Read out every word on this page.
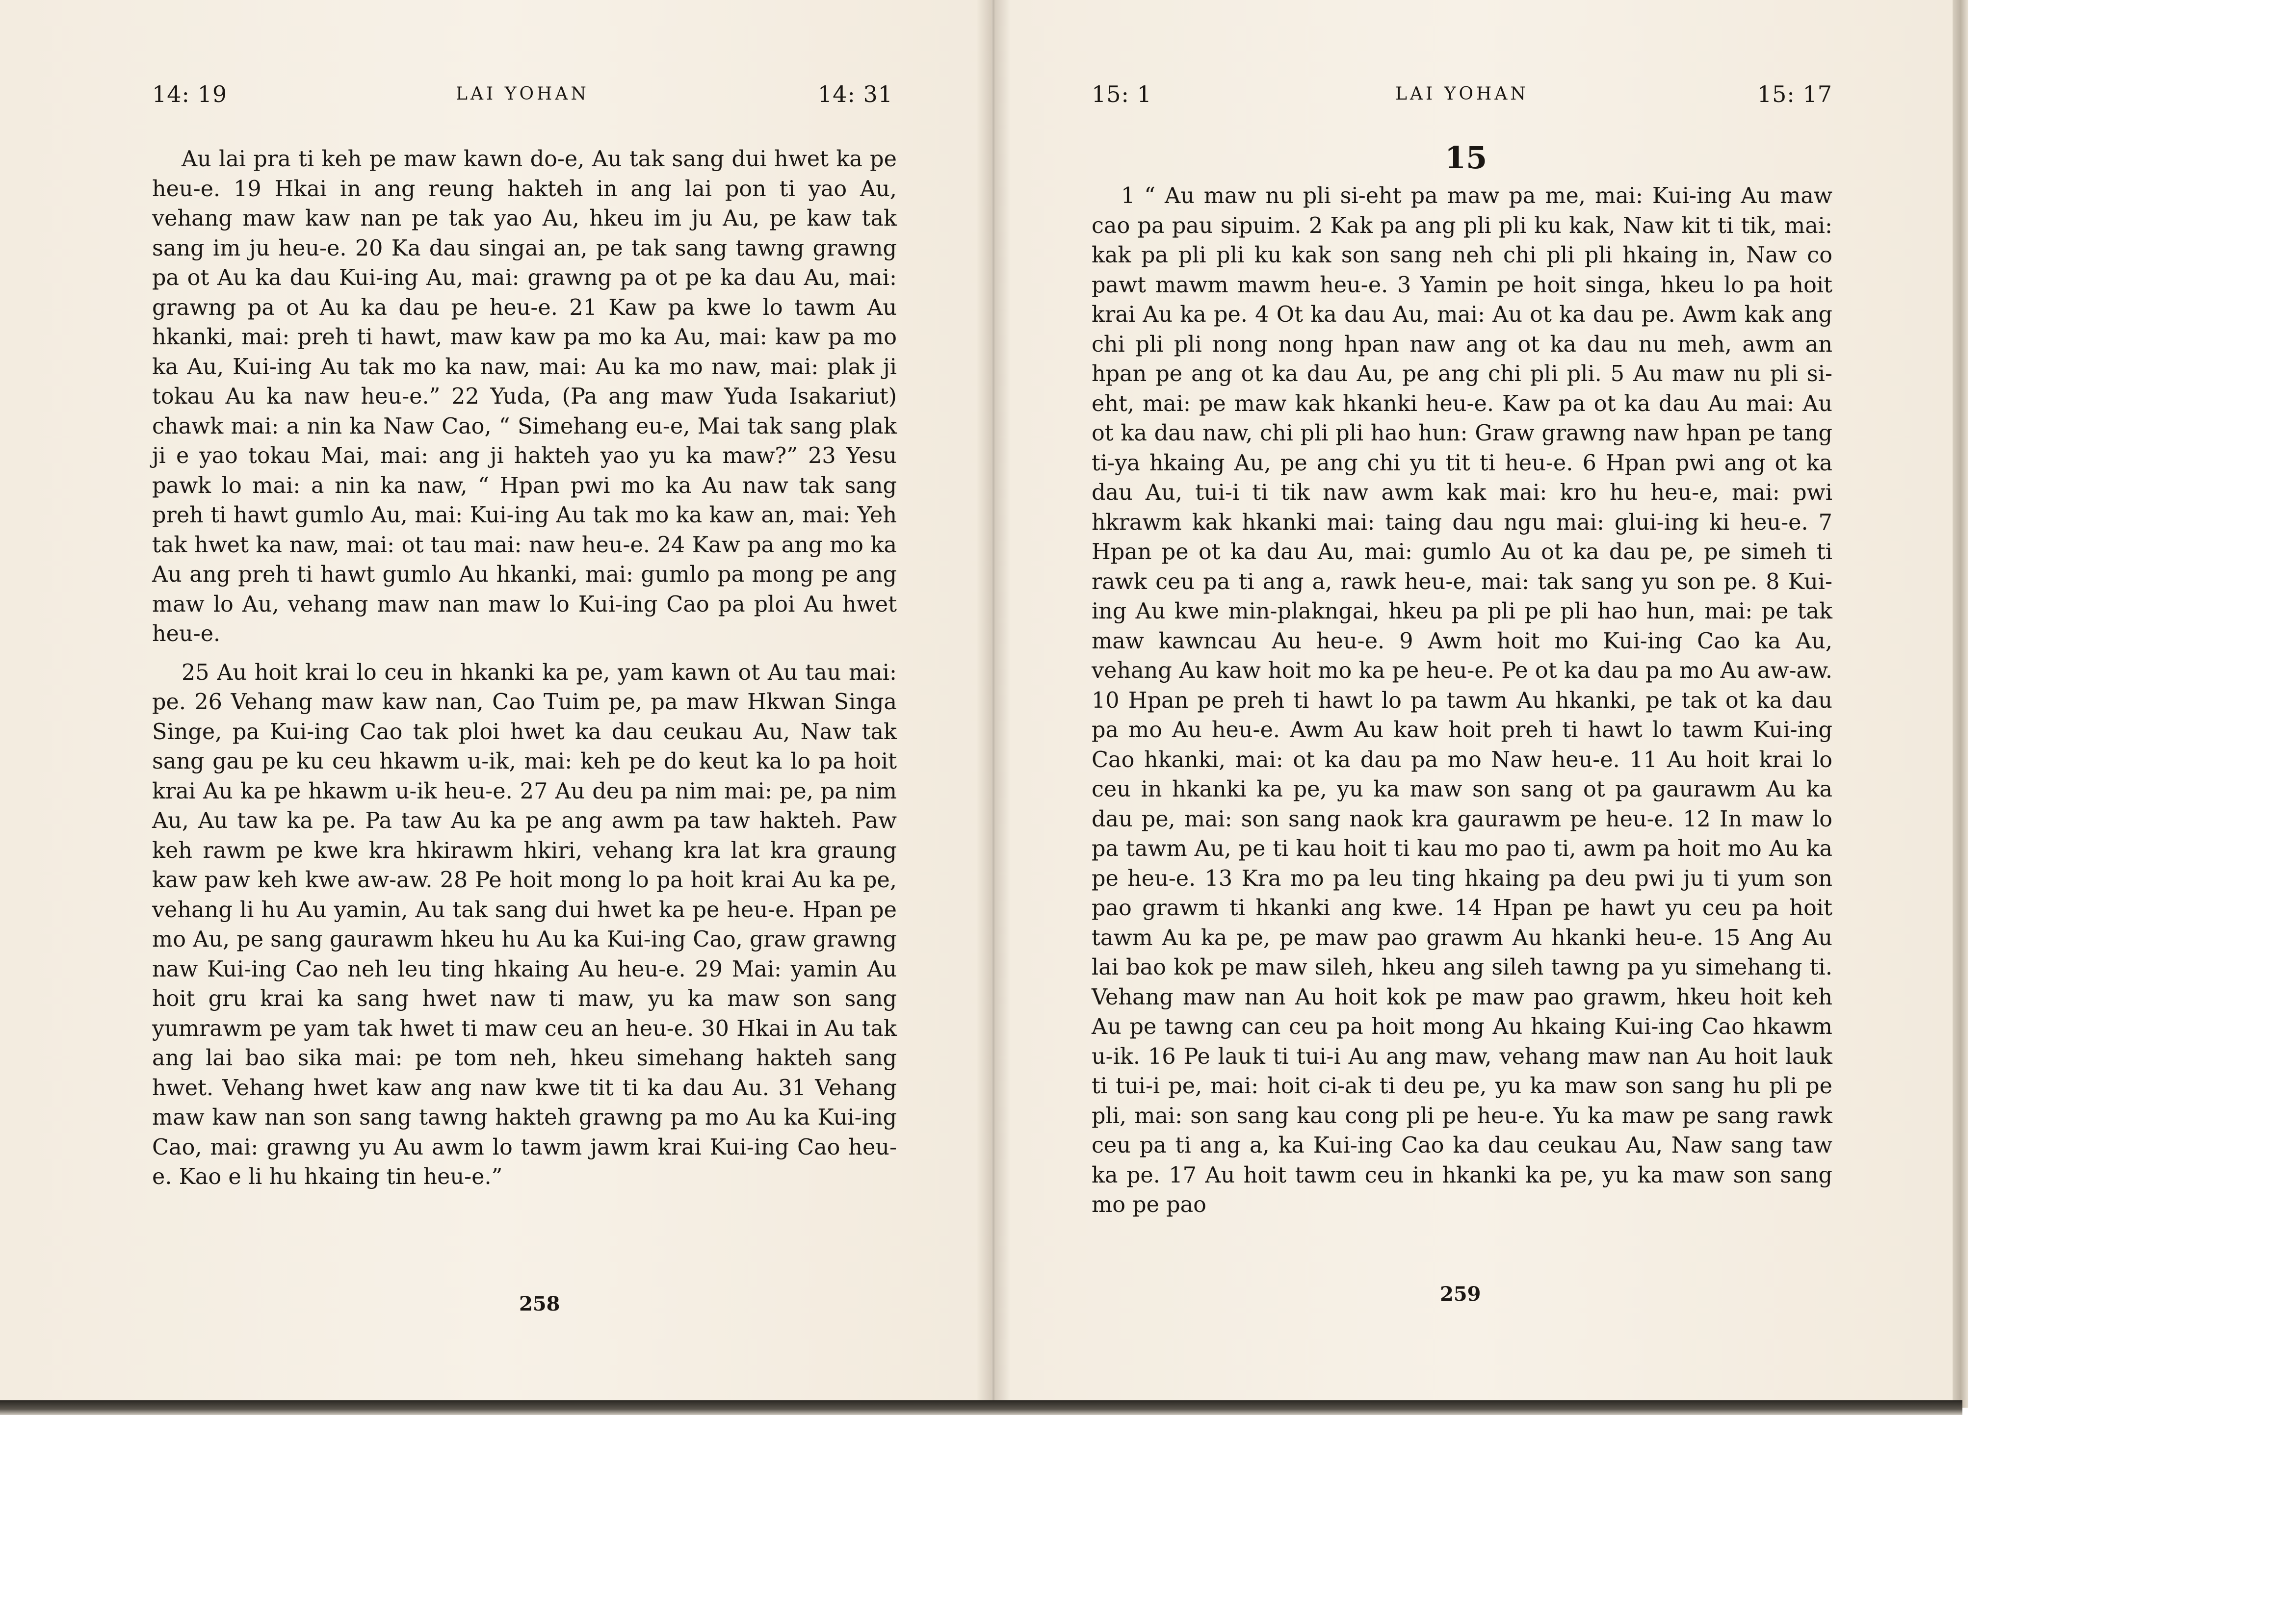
14: 19	LAI YOHAN	14: 31

Au lai pra ti keh pe maw kawn do-e, Au tak sang dui hwet ka pe heu-e. 19 Hkai in ang reung hakteh in ang lai pon ti yao Au, vehang maw kaw nan pe tak yao Au, hkeu im ju Au, pe kaw tak sang im ju heu-e. 20 Ka dau singai an, pe tak sang tawng grawng pa ot Au ka dau Kui-ing Au, mai: grawng pa ot pe ka dau Au, mai: grawng pa ot Au ka dau pe heu-e. 21 Kaw pa kwe lo tawm Au hkanki, mai: preh ti hawt, maw kaw pa mo ka Au, mai: kaw pa mo ka Au, Kui-ing Au tak mo ka naw, mai: Au ka mo naw, mai: plak ji tokau Au ka naw heu-e.” 22 Yuda, (Pa ang maw Yuda Isakariut) chawk mai: a nin ka Naw Cao, “ Simehang eu-e, Mai tak sang plak ji e yao tokau Mai, mai: ang ji hakteh yao yu ka maw?” 23 Yesu pawk lo mai: a nin ka naw, “ Hpan pwi mo ka Au naw tak sang preh ti hawt gumlo Au, mai: Kui-ing Au tak mo ka kaw an, mai: Yeh tak hwet ka naw, mai: ot tau mai: naw heu-e. 24 Kaw pa ang mo ka Au ang preh ti hawt gumlo Au hkanki, mai: gumlo pa mong pe ang maw lo Au, vehang maw nan maw lo Kui-ing Cao pa ploi Au hwet heu-e.

25 Au hoit krai lo ceu in hkanki ka pe, yam kawn ot Au tau mai: pe. 26 Vehang maw kaw nan, Cao Tuim pe, pa maw Hkwan Singa Singe, pa Kui-ing Cao tak ploi hwet ka dau ceukau Au, Naw tak sang gau pe ku ceu hkawm u-ik, mai: keh pe do keut ka lo pa hoit krai Au ka pe hkawm u-ik heu-e. 27 Au deu pa nim mai: pe, pa nim Au, Au taw ka pe. Pa taw Au ka pe ang awm pa taw hakteh. Paw keh rawm pe kwe kra hkirawm hkiri, vehang kra lat kra graung kaw paw keh kwe aw-aw. 28 Pe hoit mong lo pa hoit krai Au ka pe, vehang li hu Au yamin, Au tak sang dui hwet ka pe heu-e. Hpan pe mo Au, pe sang gaurawm hkeu hu Au ka Kui-ing Cao, graw grawng naw Kui-ing Cao neh leu ting hkaing Au heu-e. 29 Mai: yamin Au hoit gru krai ka sang hwet naw ti maw, yu ka maw son sang yumrawm pe yam tak hwet ti maw ceu an heu-e. 30 Hkai in Au tak ang lai bao sika mai: pe tom neh, hkeu simehang hakteh sang hwet. Vehang hwet kaw ang naw kwe tit ti ka dau Au. 31 Vehang maw kaw nan son sang tawng hakteh grawng pa mo Au ka Kui-ing Cao, mai: grawng yu Au awm lo tawm jawm krai Kui-ing Cao heu-e. Kao e li hu hkaing tin heu-e.”

258
15: 1	LAI YOHAN	15: 17
15

1 “ Au maw nu pli si-eht pa maw pa me, mai: Kui-ing Au maw cao pa pau sipuim. 2 Kak pa ang pli pli ku kak, Naw kit ti tik, mai: kak pa pli pli ku kak son sang neh chi pli pli hkaing in, Naw co pawt mawm mawm heu-e. 3 Yamin pe hoit singa, hkeu lo pa hoit krai Au ka pe. 4 Ot ka dau Au, mai: Au ot ka dau pe. Awm kak ang chi pli pli nong nong hpan naw ang ot ka dau nu meh, awm an hpan pe ang ot ka dau Au, pe ang chi pli pli. 5 Au maw nu pli si-eht, mai: pe maw kak hkanki heu-e. Kaw pa ot ka dau Au mai: Au ot ka dau naw, chi pli pli hao hun: Graw grawng naw hpan pe tang ti-ya hkaing Au, pe ang chi yu tit ti heu-e. 6 Hpan pwi ang ot ka dau Au, tui-i ti tik naw awm kak mai: kro hu heu-e, mai: pwi hkrawm kak hkanki mai: taing dau ngu mai: glui-ing ki heu-e. 7 Hpan pe ot ka dau Au, mai: gumlo Au ot ka dau pe, pe simeh ti rawk ceu pa ti ang a, rawk heu-e, mai: tak sang yu son pe. 8 Kui-ing Au kwe min-plakngai, hkeu pa pli pe pli hao hun, mai: pe tak maw kawncau Au heu-e. 9 Awm hoit mo Kui-ing Cao ka Au, vehang Au kaw hoit mo ka pe heu-e. Pe ot ka dau pa mo Au aw-aw. 10 Hpan pe preh ti hawt lo pa tawm Au hkanki, pe tak ot ka dau pa mo Au heu-e. Awm Au kaw hoit preh ti hawt lo tawm Kui-ing Cao hkanki, mai: ot ka dau pa mo Naw heu-e. 11 Au hoit krai lo ceu in hkanki ka pe, yu ka maw son sang ot pa gaurawm Au ka dau pe, mai: son sang naok kra gaurawm pe heu-e. 12 In maw lo pa tawm Au, pe ti kau hoit ti kau mo pao ti, awm pa hoit mo Au ka pe heu-e. 13 Kra mo pa leu ting hkaing pa deu pwi ju ti yum son pao grawm ti hkanki ang kwe. 14 Hpan pe hawt yu ceu pa hoit tawm Au ka pe, pe maw pao grawm Au hkanki heu-e. 15 Ang Au lai bao kok pe maw sileh, hkeu ang sileh tawng pa yu simehang ti. Vehang maw nan Au hoit kok pe maw pao grawm, hkeu hoit keh Au pe tawng can ceu pa hoit mong Au hkaing Kui-ing Cao hkawm u-ik. 16 Pe lauk ti tui-i Au ang maw, vehang maw nan Au hoit lauk ti tui-i pe, mai: hoit ci-ak ti deu pe, yu ka maw son sang hu pli pe pli, mai: son sang kau cong pli pe heu-e. Yu ka maw pe sang rawk ceu pa ti ang a, ka Kui-ing Cao ka dau ceukau Au, Naw sang taw ka pe. 17 Au hoit tawm ceu in hkanki ka pe, yu ka maw son sang mo pe pao

259
